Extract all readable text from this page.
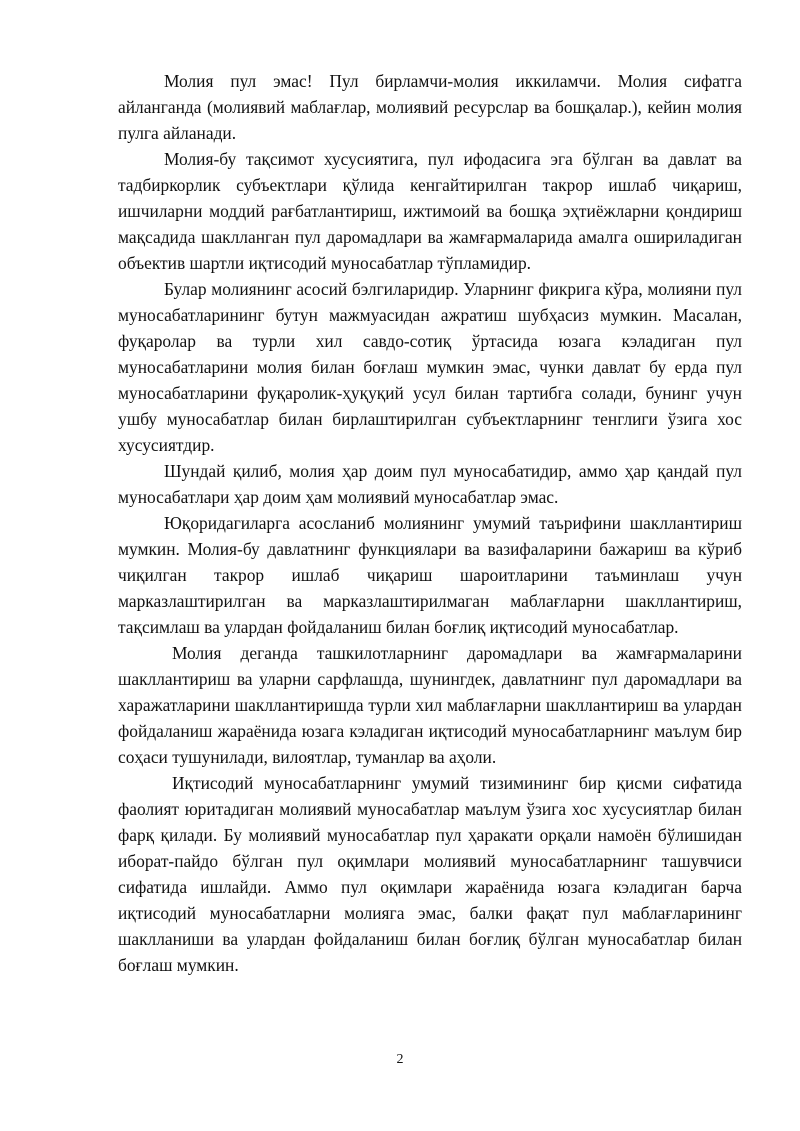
Молия пул эмас! Пул бирламчи-молия иккиламчи. Молия сифатга айланганда (молиявий маблағлар, молиявий ресурслар ва бошқалар.), кейин молия пулга айланади.

Молия-бу тақсимот хусусиятига, пул ифодасига эга бўлган ва давлат ва тадбиркорлик субъектлари қўлида кенгайтирилган такрор ишлаб чиқариш, ишчиларни моддий рағбатлантириш, ижтимоий ва бошқа эҳтиёжларни қондириш мақсадида шаклланган пул даромадлари ва жамғармаларида амалга ошириладиган объектив шартли иқтисодий муносабатлар тўпламидир.

Булар молиянинг асосий бэлгиларидир. Уларнинг фикрига кўра, молияни пул муносабатларининг бутун мажмуасидан ажратиш шубҳасиз мумкин. Масалан, фуқаролар ва турли хил савдо-сотиқ ўртасида юзага кэладиган пул муносабатларини молия билан боғлаш мумкин эмас, чунки давлат бу ерда пул муносабатларини фуқаролик-ҳуқуқий усул билан тартибга солади, бунинг учун ушбу муносабатлар билан бирлаштирилган субъектларнинг тенглиги ўзига хос хусусиятдир.

Шундай қилиб, молия ҳар доим пул муносабатидир, аммо ҳар қандай пул муносабатлари ҳар доим ҳам молиявий муносабатлар эмас.

Юқоридагиларга асосланиб молиянинг умумий таърифини шакллантириш мумкин. Молия-бу давлатнинг функциялари ва вазифаларини бажариш ва кўриб чиқилган такрор ишлаб чиқариш шароитларини таъминлаш учун марказлаштирилган ва марказлаштирилмаган маблағларни шакллантириш, тақсимлаш ва улардан фойдаланиш билан боғлиқ иқтисодий муносабатлар.

Молия деганда ташкилотларнинг даромадлари ва жамғармаларини шакллантириш ва уларни сарфлашда, шунингдек, давлатнинг пул даромадлари ва харажатларини шакллантиришда турли хил маблағларни шакллантириш ва улардан фойдаланиш жараёнида юзага кэладиган иқтисодий муносабатларнинг маълум бир соҳаси тушунилади, вилоятлар, туманлар ва аҳоли.

Иқтисодий муносабатларнинг умумий тизимининг бир қисми сифатида фаолият юритадиган молиявий муносабатлар маълум ўзига хос хусусиятлар билан фарқ қилади. Бу молиявий муносабатлар пул ҳаракати орқали намоён бўлишидан иборат-пайдо бўлган пул оқимлари молиявий муносабатларнинг ташувчиси сифатида ишлайди. Аммо пул оқимлари жараёнида юзага кэладиган барча иқтисодий муносабатларни молияга эмас, балки фақат пул маблағларининг шаклланиши ва улардан фойдаланиш билан боғлиқ бўлган муносабатлар билан боғлаш мумкин.

2
